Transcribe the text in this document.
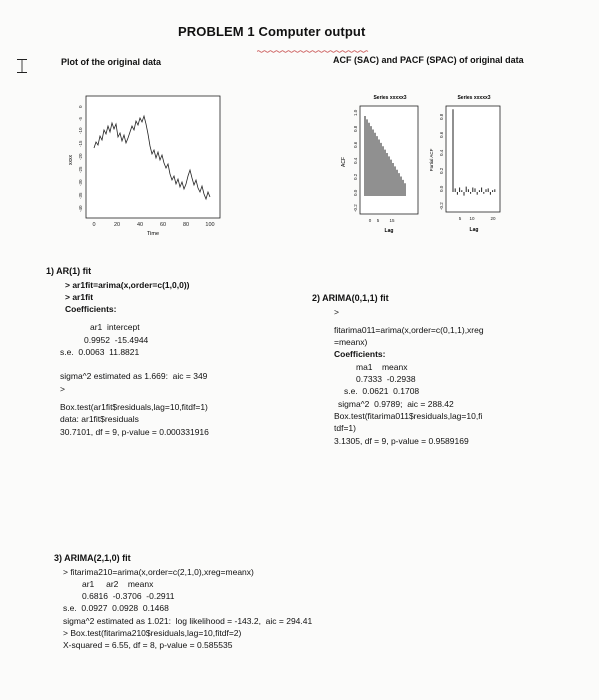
PROBLEM 1 Computer output
⌶	Plot of the original data
0	20	40	60	80	100
Time
-40
-35
-30
-25
-20
-15
-10
-5
0
xxxx
ACF (SAC) and PACF (SPAC) of original data
Series xxxxx3
-0.2
0.0
0.2
0.4
0.6
0.8
1.0
0 5 15
Lag
ACF
Series xxxxx3
-0.2
0.0
0.2
0.4
0.6
0.8
5 10	20
Lag
Partial ACF
1) AR(1) fit
> ar1fit=arima(x,order=c(1,0,0))
> ar1fit
Coefficients:
ar1  intercept
0.9952  -15.4944
s.e.  0.0063  11.8821
sigma^2 estimated as 1.669:  aic = 349
>
Box.test(ar1fit$residuals,lag=10,fitdf=1)
data: ar1fit$residuals
30.7101, df = 9, p-value = 0.000331916
2) ARIMA(0,1,1) fit
>
fitarima011=arima(x,order=c(0,1,1),xreg
=meanx)
Coefficients:
ma1    meanx
0.7333  -0.2938
s.e.  0.0621  0.1708
sigma^2  0.9789;  aic = 288.42
Box.test(fitarima011$residuals,lag=10,fi
tdf=1)
3.1305, df = 9, p-value = 0.9589169
3) ARIMA(2,1,0) fit
> fitarima210=arima(x,order=c(2,1,0),xreg=meanx)
ar1     ar2    meanx
0.6816  -0.3706  -0.2911
s.e.  0.0927  0.0928  0.1468
sigma^2 estimated as 1.021:  log likelihood = -143.2,  aic = 294.41
> Box.test(fitarima210$residuals,lag=10,fitdf=2)
X-squared = 6.55, df = 8, p-value = 0.585535
